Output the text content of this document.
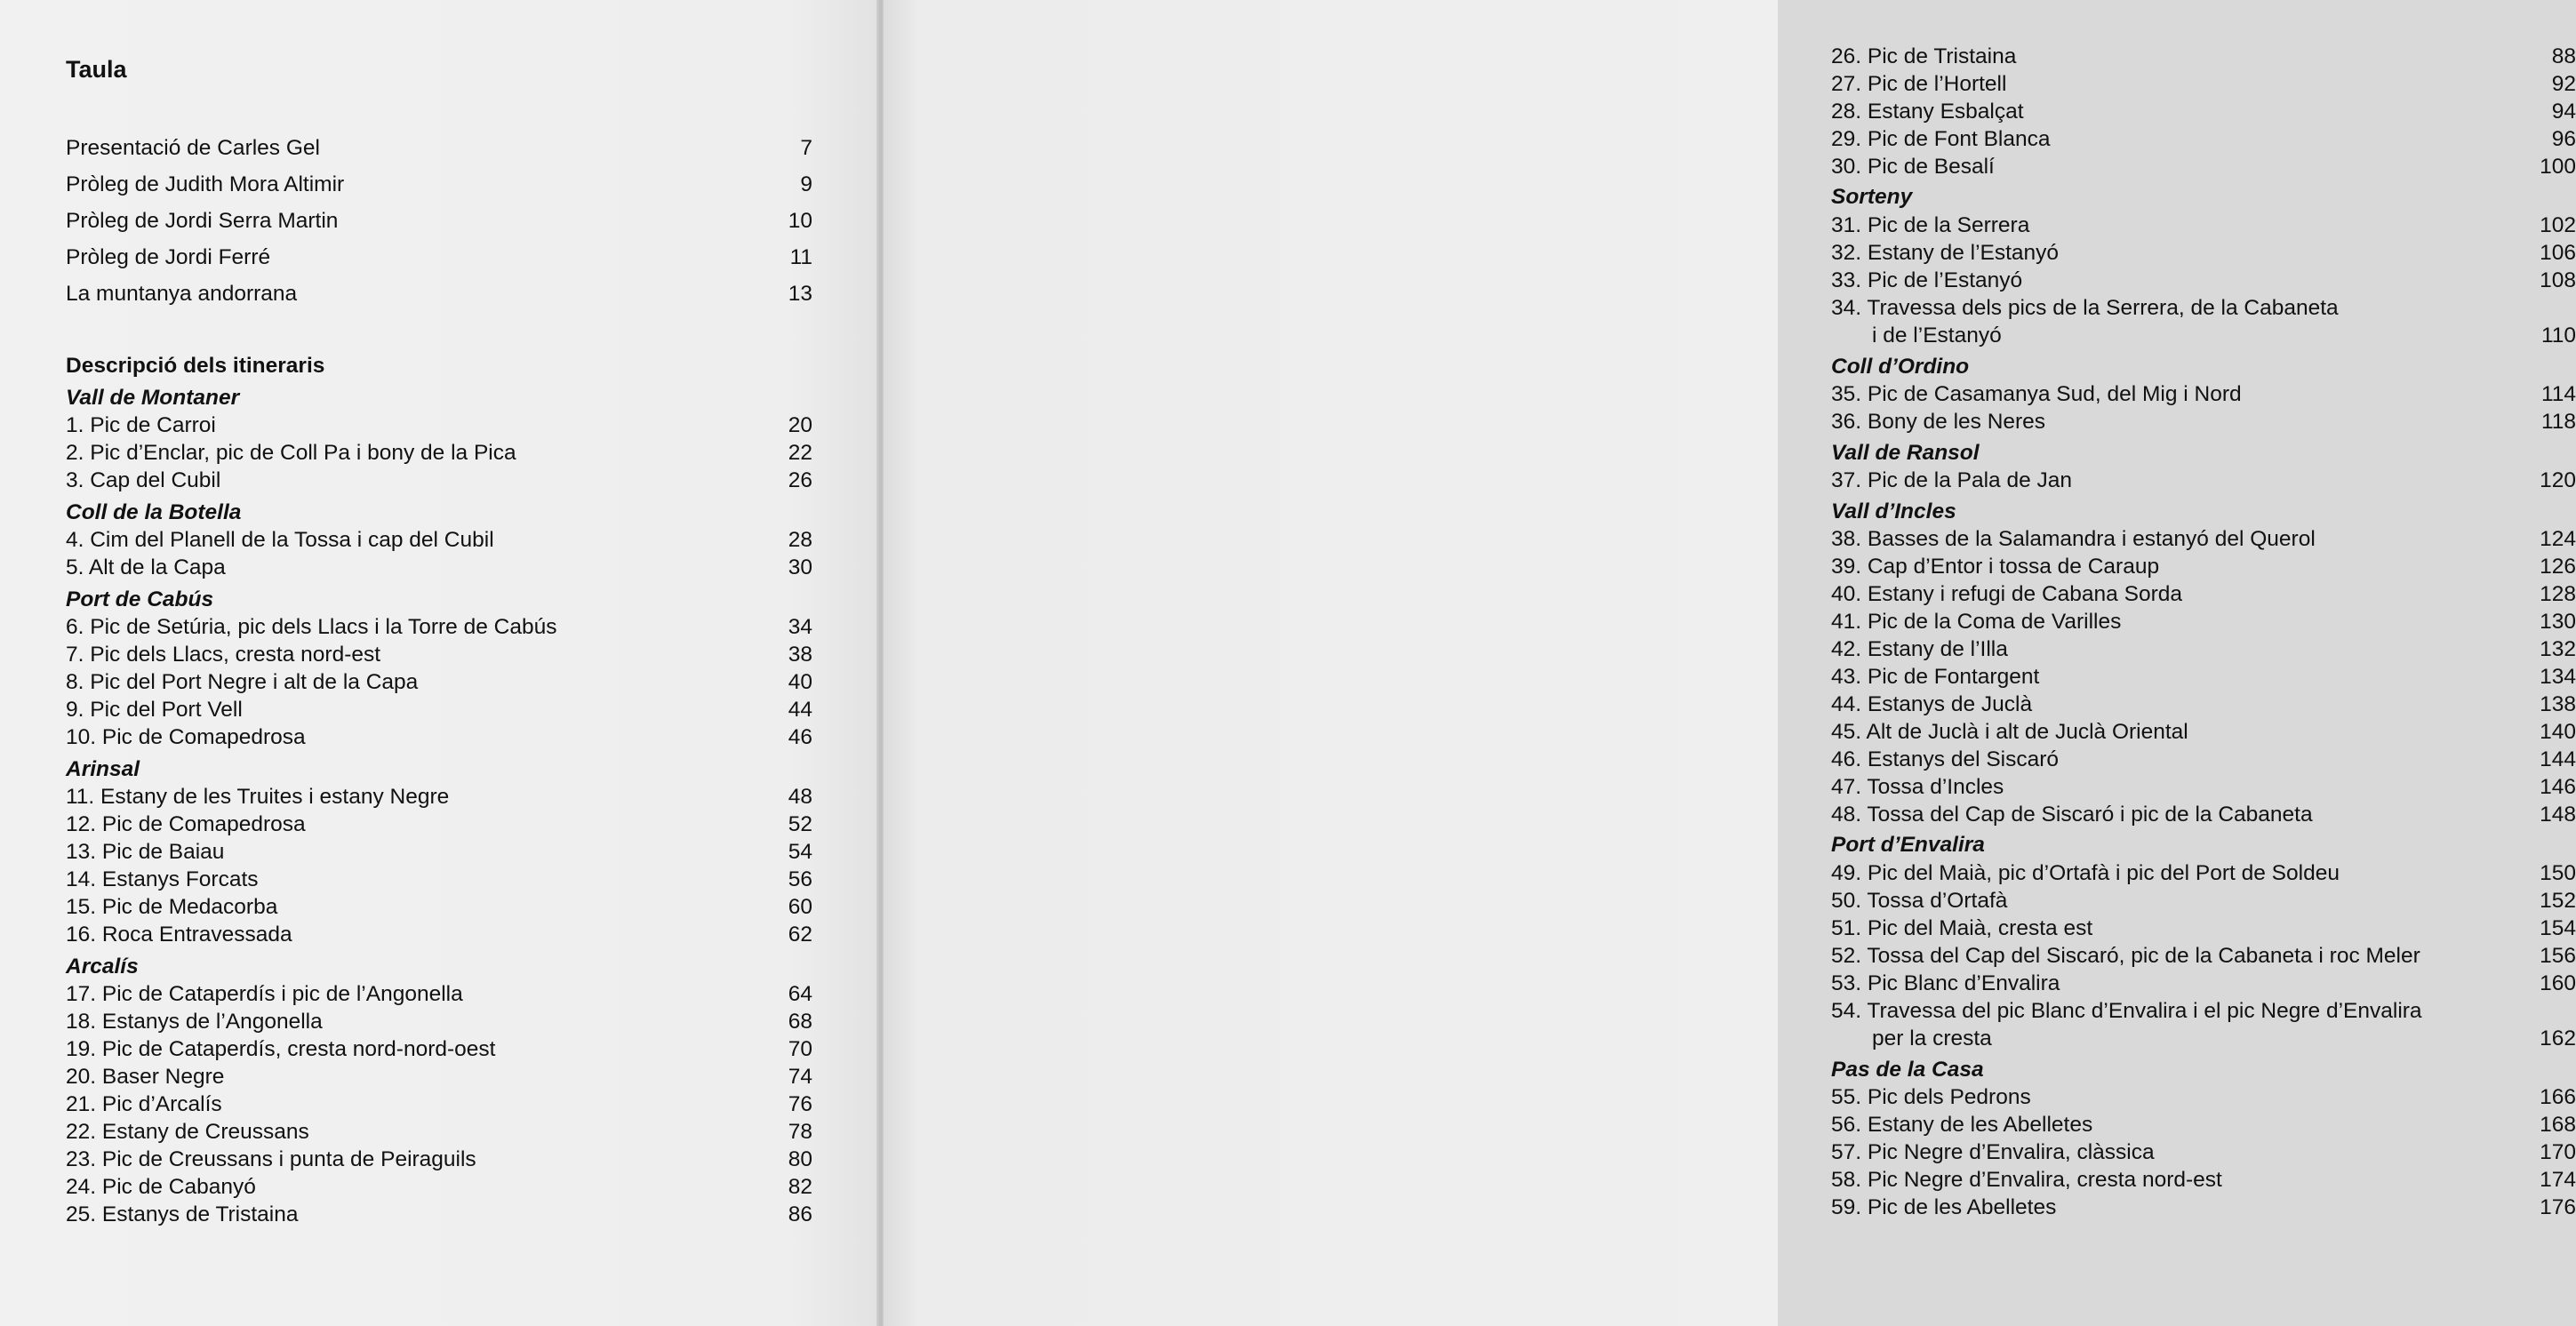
Taula
Presentació de Carles Gel	7
Pròleg de Judith Mora Altimir	9
Pròleg de Jordi Serra Martin	10
Pròleg de Jordi Ferré	11
La muntanya andorrana	13
Descripció dels itineraris
Vall de Montaner
1. Pic de Carroi	20
2. Pic d’Enclar, pic de Coll Pa i bony de la Pica	22
3. Cap del Cubil	26
Coll de la Botella
4. Cim del Planell de la Tossa i cap del Cubil	28
5. Alt de la Capa	30
Port de Cabús
6. Pic de Setúria, pic dels Llacs i la Torre de Cabús	34
7. Pic dels Llacs, cresta nord-est	38
8. Pic del Port Negre i alt de la Capa	40
9. Pic del Port Vell	44
10. Pic de Comapedrosa	46
Arinsal
11. Estany de les Truites i estany Negre	48
12. Pic de Comapedrosa	52
13. Pic de Baiau	54
14. Estanys Forcats	56
15. Pic de Medacorba	60
16. Roca Entravessada	62
Arcalís
17. Pic de Cataperdís i pic de l’Angonella	64
18. Estanys de l’Angonella	68
19. Pic de Cataperdís, cresta nord-nord-oest	70
20. Baser Negre	74
21. Pic d’Arcalís	76
22. Estany de Creussans	78
23. Pic de Creussans i punta de Peiraguils	80
24. Pic de Cabanyó	82
25. Estanys de Tristaina	86
26. Pic de Tristaina	88
27. Pic de l’Hortell	92
28. Estany Esbalçat	94
29. Pic de Font Blanca	96
30. Pic de Besalí	100
Sorteny
31. Pic de la Serrera	102
32. Estany de l’Estanyó	106
33. Pic de l’Estanyó	108
34. Travessa dels pics de la Serrera, de la Cabaneta
i de l’Estanyó	110
Coll d’Ordino
35. Pic de Casamanya Sud, del Mig i Nord	114
36. Bony de les Neres	118
Vall de Ransol
37. Pic de la Pala de Jan	120
Vall d’Incles
38. Basses de la Salamandra i estanyó del Querol	124
39. Cap d’Entor i tossa de Caraup	126
40. Estany i refugi de Cabana Sorda	128
41. Pic de la Coma de Varilles	130
42. Estany de l’Illa	132
43. Pic de Fontargent	134
44. Estanys de Juclà	138
45. Alt de Juclà i alt de Juclà Oriental	140
46. Estanys del Siscaró	144
47. Tossa d’Incles	146
48. Tossa del Cap de Siscaró i pic de la Cabaneta	148
Port d’Envalira
49. Pic del Maià, pic d’Ortafà i pic del Port de Soldeu	150
50. Tossa d’Ortafà	152
51. Pic del Maià, cresta est	154
52. Tossa del Cap del Siscaró, pic de la Cabaneta i roc Meler	156
53. Pic Blanc d’Envalira	160
54. Travessa del pic Blanc d’Envalira i el pic Negre d’Envalira
per la cresta	162
Pas de la Casa
55. Pic dels Pedrons	166
56. Estany de les Abelletes	168
57. Pic Negre d’Envalira, clàssica	170
58. Pic Negre d’Envalira, cresta nord-est	174
59. Pic de les Abelletes	176
